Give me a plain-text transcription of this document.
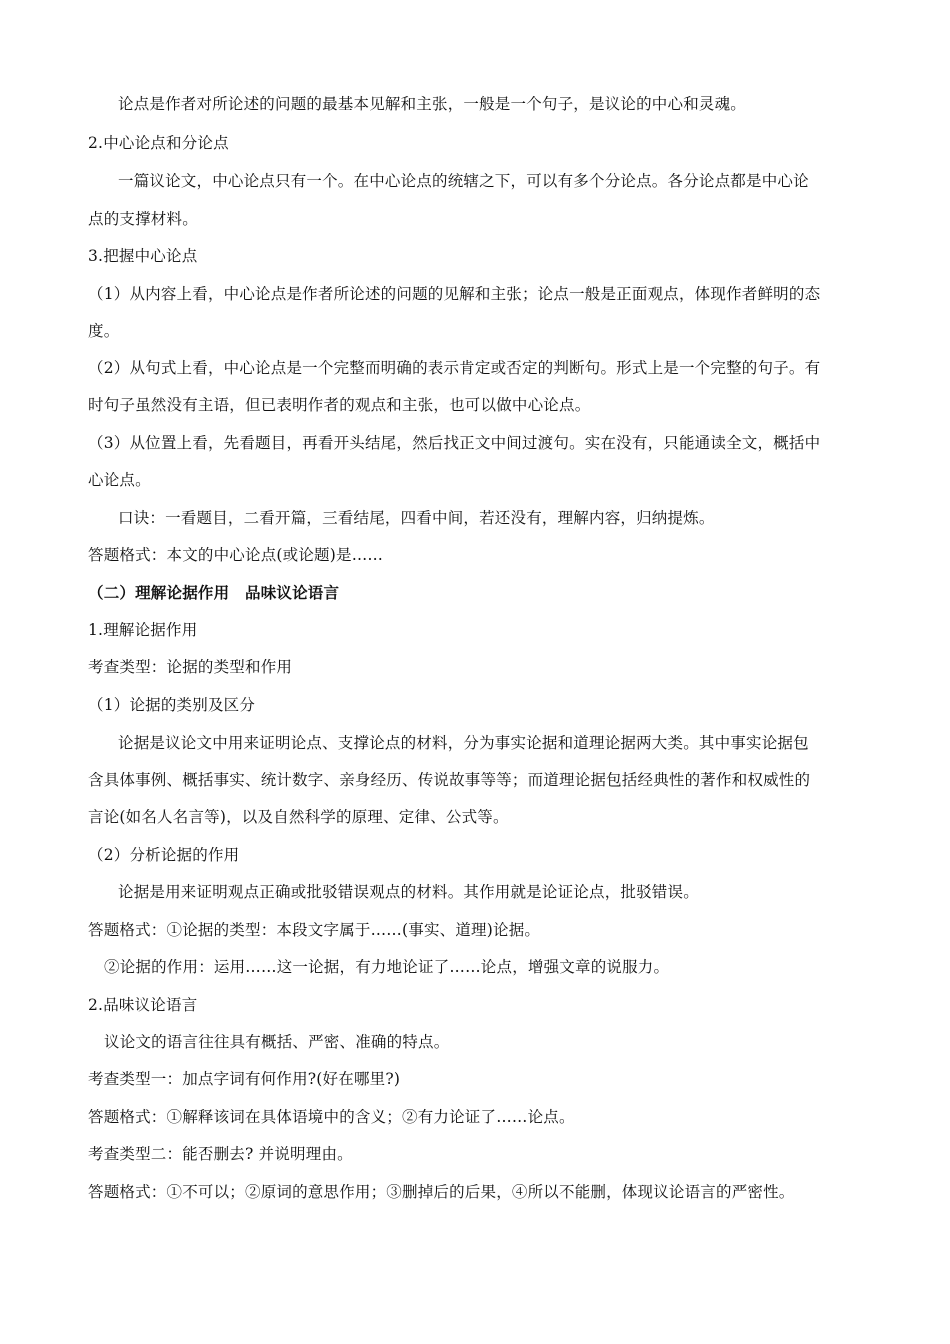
论点是作者对所论述的问题的最基本见解和主张，一般是一个句子，是议论的中心和灵魂。
2.中心论点和分论点
一篇议论文，中心论点只有一个。在中心论点的统辖之下，可以有多个分论点。各分论点都是中心论
点的支撑材料。
3.把握中心论点
（1）从内容上看，中心论点是作者所论述的问题的见解和主张；论点一般是正面观点，体现作者鲜明的态
度。
（2）从句式上看，中心论点是一个完整而明确的表示肯定或否定的判断句。形式上是一个完整的句子。有
时句子虽然没有主语，但已表明作者的观点和主张，也可以做中心论点。
（3）从位置上看，先看题目，再看开头结尾，然后找正文中间过渡句。实在没有，只能通读全文，概括中
心论点。
口诀：一看题目，二看开篇，三看结尾，四看中间，若还没有，理解内容，归纳提炼。
答题格式：本文的中心论点(或论题)是……
（二）理解论据作用　品味议论语言
1.理解论据作用
考查类型：论据的类型和作用
（1）论据的类别及区分
论据是议论文中用来证明论点、支撑论点的材料，分为事实论据和道理论据两大类。其中事实论据包
含具体事例、概括事实、统计数字、亲身经历、传说故事等等；而道理论据包括经典性的著作和权威性的
言论(如名人名言等)，以及自然科学的原理、定律、公式等。
（2）分析论据的作用
论据是用来证明观点正确或批驳错误观点的材料。其作用就是论证论点，批驳错误。
答题格式：①论据的类型：本段文字属于……(事实、道理)论据。
②论据的作用：运用……这一论据，有力地论证了……论点，增强文章的说服力。
2.品味议论语言
议论文的语言往往具有概括、严密、准确的特点。
考查类型一：加点字词有何作用?(好在哪里?)
答题格式：①解释该词在具体语境中的含义；②有力论证了……论点。
考查类型二：能否删去? 并说明理由。
答题格式：①不可以；②原词的意思作用；③删掉后的后果，④所以不能删，体现议论语言的严密性。
